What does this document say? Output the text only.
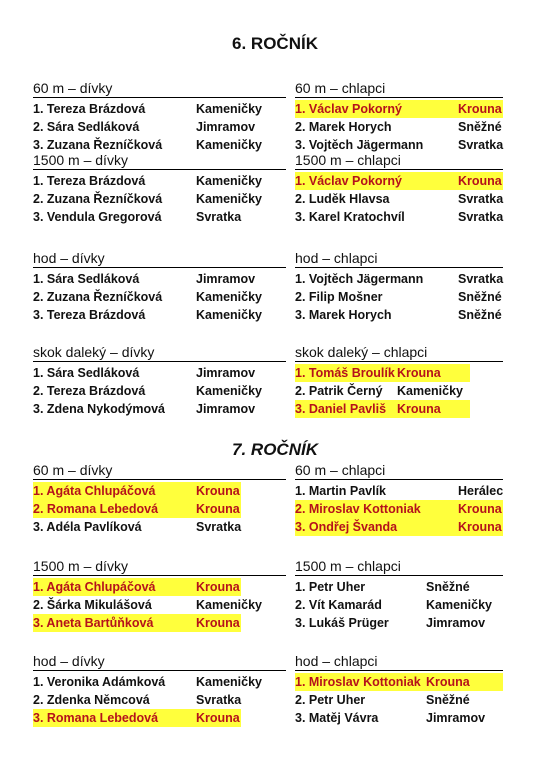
6. ROČNÍK
7. ROČNÍK
60 m – dívky
1. Tereza Brázdová	Kameničky
2. Sára Sedláková	Jimramov
3. Zuzana Řezníčková	Kameničky
1500 m – dívky
1. Tereza Brázdová	Kameničky
2. Zuzana Řezníčková	Kameničky
3. Vendula Gregorová	Svratka
hod – dívky
1. Sára Sedláková	Jimramov
2. Zuzana Řezníčková	Kameničky
3. Tereza Brázdová	Kameničky
skok daleký – dívky
1. Sára Sedláková	Jimramov
2. Tereza Brázdová	Kameničky
3. Zdena Nykodýmová Jimramov
60 m – chlapci
1. Václav Pokorný	Krouna
2. Marek Horych	Sněžné
3. Vojtěch Jägermann	Svratka
1500 m – chlapci
1. Václav Pokorný	Krouna
2. Luděk Hlavsa	Svratka
3. Karel Kratochvíl	Svratka
hod – chlapci
1. Vojtěch Jägermann	Svratka
2. Filip Mošner	Sněžné
3. Marek Horych	Sněžné
skok daleký – chlapci
1. Tomáš Broulík Krouna
2. Patrik Černý Kameničky
3. Daniel Pavliš Krouna
60 m – dívky
1. Agáta Chlupáčová	Krouna
2. Romana Lebedová	Krouna
3. Adéla Pavlíková	Svratka
1500 m – dívky
1. Agáta Chlupáčová	Krouna
2. Šárka Mikulášová	Kameničky
3. Aneta Bartůňková	Krouna
hod – dívky
1. Veronika Adámková Kameničky
2. Zdenka Němcová	Svratka
3. Romana Lebedová	Krouna
60 m – chlapci
1. Martin Pavlík	Herálec
2. Miroslav Kottoniak	Krouna
3. Ondřej Švanda	Krouna
1500 m – chlapci
1. Petr Uher	Sněžné
2. Vít Kamarád	Kameničky
3. Lukáš Prüger	Jimramov
hod – chlapci
1. Miroslav Kottoniak Krouna
2. Petr Uher	Sněžné
3. Matěj Vávra	Jimramov
